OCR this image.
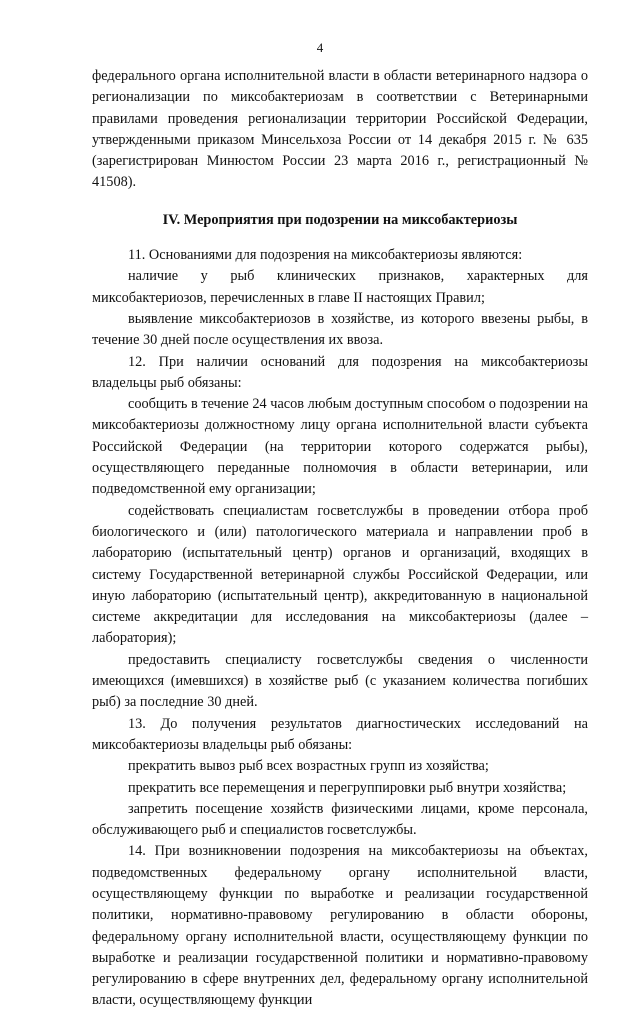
4

федерального органа исполнительной власти в области ветеринарного надзора о регионализации по миксобактериозам в соответствии с Ветеринарными правилами проведения регионализации территории Российской Федерации, утвержденными приказом Минсельхоза России от 14 декабря 2015 г. № 635 (зарегистрирован Минюстом России 23 марта 2016 г., регистрационный № 41508).

IV. Мероприятия при подозрении на миксобактериозы

11. Основаниями для подозрения на миксобактериозы являются:

наличие у рыб клинических признаков, характерных для миксобактериозов, перечисленных в главе II настоящих Правил;

выявление миксобактериозов в хозяйстве, из которого ввезены рыбы, в течение 30 дней после осуществления их ввоза.

12. При наличии оснований для подозрения на миксобактериозы владельцы рыб обязаны:

сообщить в течение 24 часов любым доступным способом о подозрении на миксобактериозы должностному лицу органа исполнительной власти субъекта Российской Федерации (на территории которого содержатся рыбы), осуществляющего переданные полномочия в области ветеринарии, или подведомственной ему организации;

содействовать специалистам госветслужбы в проведении отбора проб биологического и (или) патологического материала и направлении проб в лабораторию (испытательный центр) органов и организаций, входящих в систему Государственной ветеринарной службы Российской Федерации, или иную лабораторию (испытательный центр), аккредитованную в национальной системе аккредитации для исследования на миксобактериозы (далее – лаборатория);

предоставить специалисту госветслужбы сведения о численности имеющихся (имевшихся) в хозяйстве рыб (с указанием количества погибших рыб) за последние 30 дней.

13. До получения результатов диагностических исследований на миксобактериозы владельцы рыб обязаны:

прекратить вывоз рыб всех возрастных групп из хозяйства;

прекратить все перемещения и перегруппировки рыб внутри хозяйства;

запретить посещение хозяйств физическими лицами, кроме персонала, обслуживающего рыб и специалистов госветслужбы.

14. При возникновении подозрения на миксобактериозы на объектах, подведомственных федеральному органу исполнительной власти, осуществляющему функции по выработке и реализации государственной политики, нормативно-правовому регулированию в области обороны, федеральному органу исполнительной власти, осуществляющему функции по выработке и реализации государственной политики и нормативно-правовому регулированию в сфере внутренних дел, федеральному органу исполнительной власти, осуществляющему функции
